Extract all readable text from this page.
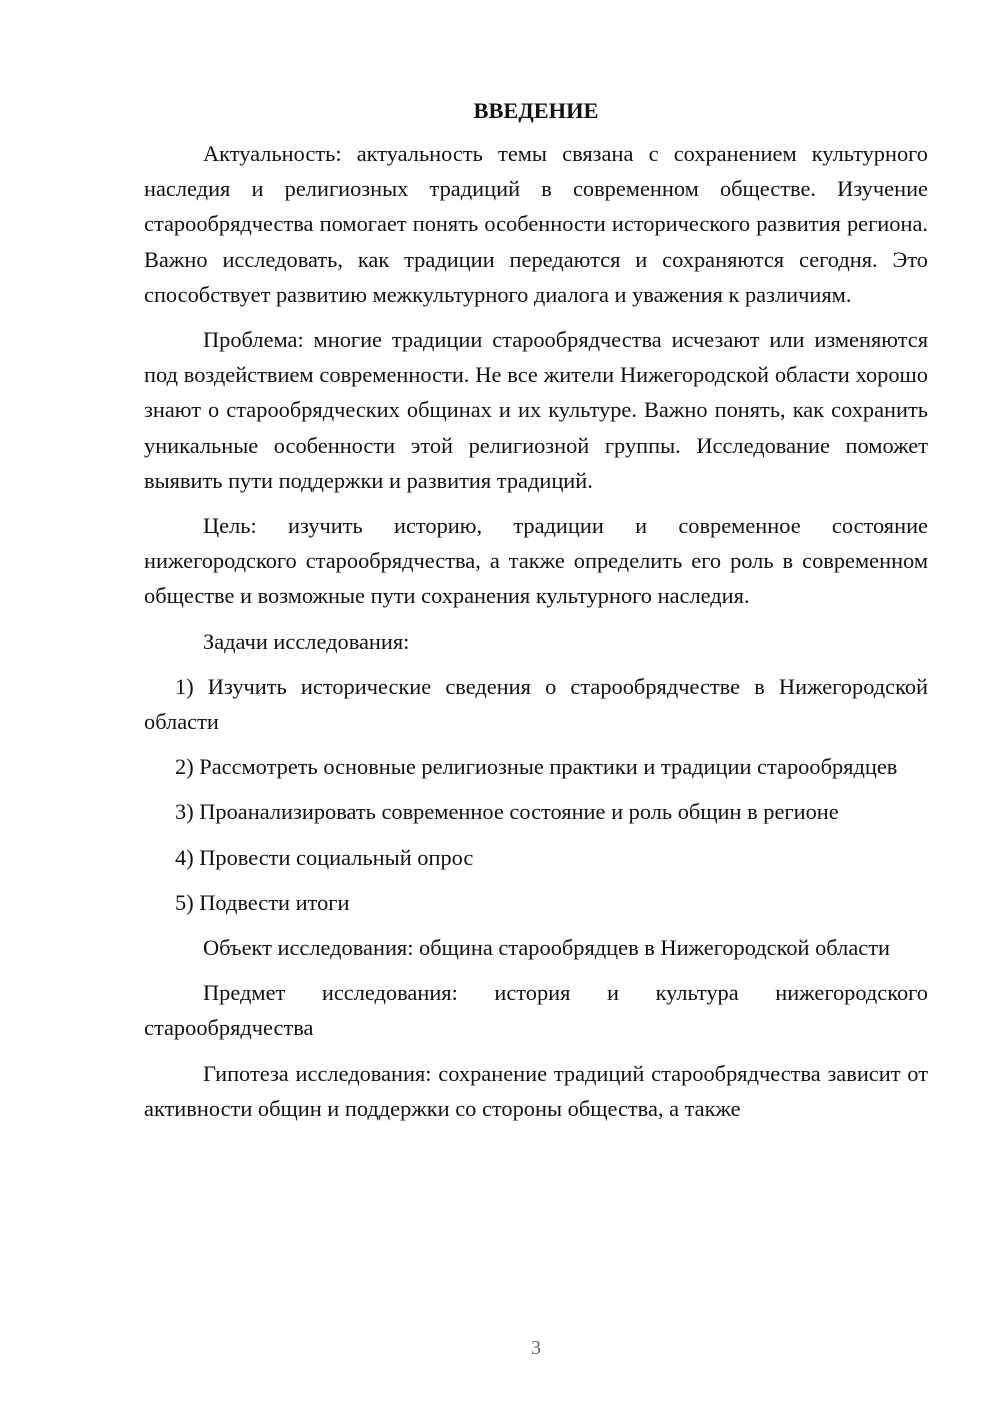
ВВЕДЕНИЕ

Актуальность: актуальность темы связана с сохранением культурного наследия и религиозных традиций в современном обществе. Изучение старообрядчества помогает понять особенности исторического развития региона. Важно исследовать, как традиции передаются и сохраняются сегодня. Это способствует развитию межкультурного диалога и уважения к различиям.

Проблема: многие традиции старообрядчества исчезают или изменяются под воздействием современности. Не все жители Нижегородской области хорошо знают о старообрядческих общинах и их культуре. Важно понять, как сохранить уникальные особенности этой религиозной группы. Исследование поможет выявить пути поддержки и развития традиций.

Цель: изучить историю, традиции и современное состояние нижегородского старообрядчества, а также определить его роль в современном обществе и возможные пути сохранения культурного наследия.

Задачи исследования:

1) Изучить исторические сведения о старообрядчестве в Нижегородской области

2) Рассмотреть основные религиозные практики и традиции старообрядцев

3) Проанализировать современное состояние и роль общин в регионе

4) Провести социальный опрос

5) Подвести итоги

Объект исследования: община старообрядцев в Нижегородской области

Предмет исследования: история и культура нижегородского старообрядчества

Гипотеза исследования: сохранение традиций старообрядчества зависит от активности общин и поддержки со стороны общества, а также

3
